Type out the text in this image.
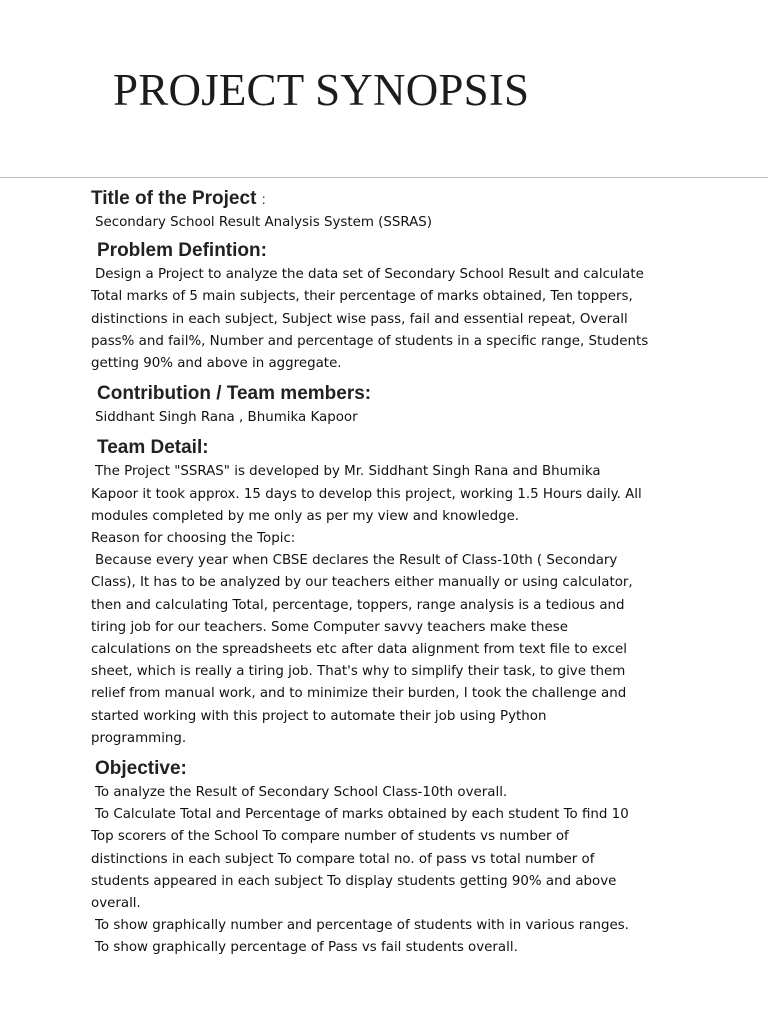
PROJECT SYNOPSIS
Title of the Project :

Secondary School Result Analysis System (SSRAS)

Problem Defintion:

Design a Project to analyze the data set of Secondary School Result and calculate

Total marks of 5 main subjects, their percentage of marks obtained, Ten toppers,

distinctions in each subject, Subject wise pass, fail and essential repeat, Overall

pass% and fail%, Number and percentage of students in a specific range, Students

getting 90% and above in aggregate.

Contribution / Team members:

Siddhant Singh Rana , Bhumika Kapoor

Team Detail:

The Project "SSRAS" is developed by Mr. Siddhant Singh Rana and Bhumika

Kapoor it took approx. 15 days to develop this project, working 1.5 Hours daily. All

modules completed by me only as per my view and knowledge.

Reason for choosing the Topic:

Because every year when CBSE declares the Result of Class-10th ( Secondary

Class), It has to be analyzed by our teachers either manually or using calculator,

then and calculating Total, percentage, toppers, range analysis is a tedious and

tiring job for our teachers. Some Computer savvy teachers make these

calculations on the spreadsheets etc after data alignment from text file to excel

sheet, which is really a tiring job. That's why to simplify their task, to give them

relief from manual work, and to minimize their burden, I took the challenge and

started working with this project to automate their job using Python

programming.

Objective:

To analyze the Result of Secondary School Class-10th overall.

To Calculate Total and Percentage of marks obtained by each student To find 10

Top scorers of the School To compare number of students vs number of

distinctions in each subject To compare total no. of pass vs total number of

students appeared in each subject To display students getting 90% and above

overall.

To show graphically number and percentage of students with in various ranges.

To show graphically percentage of Pass vs fail students overall.
